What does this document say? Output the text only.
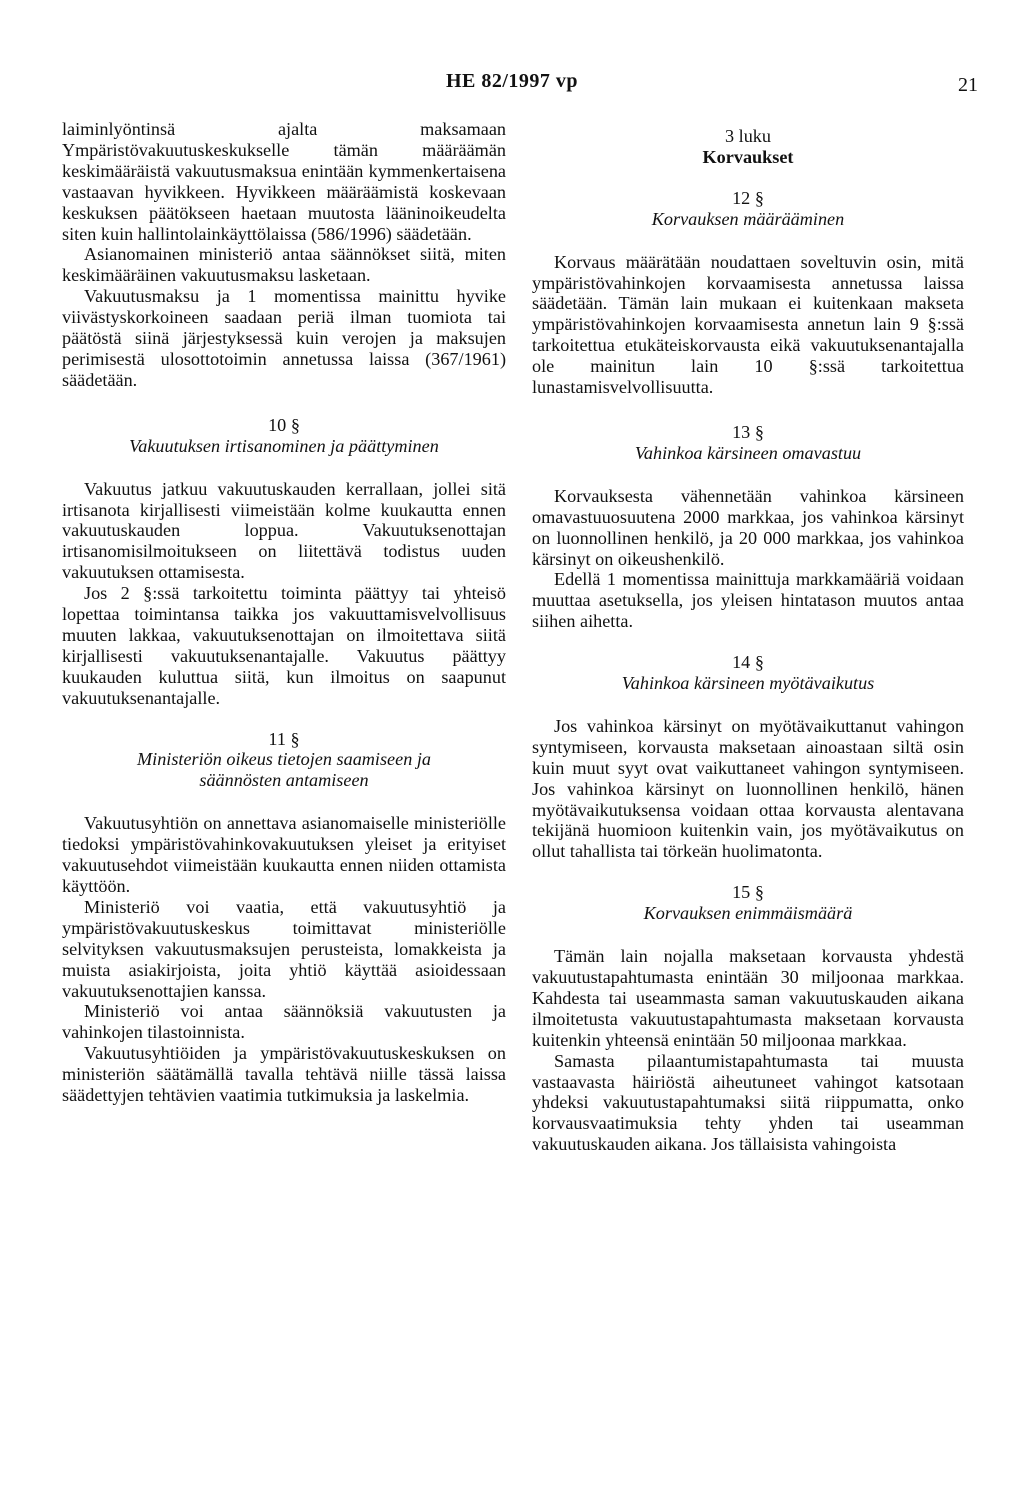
HE 82/1997 vp	21

laiminlyöntinsä ajalta maksamaan Ympäristövakuutuskeskukselle tämän määräämän keskimääräistä vakuutusmaksua enintään kymmenkertaisena vastaavan hyvikkeen. Hyvikkeen määräämistä koskevaan keskuksen päätökseen haetaan muutosta lääninoikeudelta siten kuin hallintolainkäyttölaissa (586/1996) säädetään.

Asianomainen ministeriö antaa säännökset siitä, miten keskimääräinen vakuutusmaksu lasketaan.

Vakuutusmaksu ja 1 momentissa mainittu hyvike viivästyskorkoineen saadaan periä ilman tuomiota tai päätöstä siinä järjestyksessä kuin verojen ja maksujen perimisestä ulosottotoimin annetussa laissa (367/1961) säädetään.

10 §
Vakuutuksen irtisanominen ja päättyminen

Vakuutus jatkuu vakuutuskauden kerrallaan, jollei sitä irtisanota kirjallisesti viimeistään kolme kuukautta ennen vakuutuskauden loppua. Vakuutuksenottajan irtisanomisilmoitukseen on liitettävä todistus uuden vakuutuksen ottamisesta.

Jos 2 §:ssä tarkoitettu toiminta päättyy tai yhteisö lopettaa toimintansa taikka jos vakuuttamisvelvollisuus muuten lakkaa, vakuutuksenottajan on ilmoitettava siitä kirjallisesti vakuutuksenantajalle. Vakuutus päättyy kuukauden kuluttua siitä, kun ilmoitus on saapunut vakuutuksenantajalle.

11 §
Ministeriön oikeus tietojen saamiseen ja
säännösten antamiseen

Vakuutusyhtiön on annettava asianomaiselle ministeriölle tiedoksi ympäristövahinkovakuutuksen yleiset ja erityiset vakuutusehdot viimeistään kuukautta ennen niiden ottamista käyttöön.

Ministeriö voi vaatia, että vakuutusyhtiö ja ympäristövakuutuskeskus toimittavat ministeriölle selvityksen vakuutusmaksujen perusteista, lomakkeista ja muista asiakirjoista, joita yhtiö käyttää asioidessaan vakuutuksenottajien kanssa.

Ministeriö voi antaa säännöksiä vakuutusten ja vahinkojen tilastoinnista.

Vakuutusyhtiöiden ja ympäristövakuutuskeskuksen on ministeriön säätämällä tavalla tehtävä niille tässä laissa säädettyjen tehtävien vaatimia tutkimuksia ja laskelmia.

3 luku
Korvaukset
12 §
Korvauksen määrääminen

Korvaus määrätään noudattaen soveltuvin osin, mitä ympäristövahinkojen korvaamisesta annetussa laissa säädetään. Tämän lain mukaan ei kuitenkaan makseta ympäristövahinkojen korvaamisesta annetun lain 9 §:ssä tarkoitettua etukäteiskorvausta eikä vakuutuksenantajalla ole mainitun lain 10 §:ssä tarkoitettua lunastamisvelvollisuutta.

13 §
Vahinkoa kärsineen omavastuu

Korvauksesta vähennetään vahinkoa kärsineen omavastuuosuutena 2000 markkaa, jos vahinkoa kärsinyt on luonnollinen henkilö, ja 20 000 markkaa, jos vahinkoa kärsinyt on oikeushenkilö.

Edellä 1 momentissa mainittuja markkamääriä voidaan muuttaa asetuksella, jos yleisen hintatason muutos antaa siihen aihetta.

14 §
Vahinkoa kärsineen myötävaikutus

Jos vahinkoa kärsinyt on myötävaikuttanut vahingon syntymiseen, korvausta maksetaan ainoastaan siltä osin kuin muut syyt ovat vaikuttaneet vahingon syntymiseen. Jos vahinkoa kärsinyt on luonnollinen henkilö, hänen myötävaikutuksensa voidaan ottaa korvausta alentavana tekijänä huomioon kuitenkin vain, jos myötävaikutus on ollut tahallista tai törkeän huolimatonta.

15 §
Korvauksen enimmäismäärä

Tämän lain nojalla maksetaan korvausta yhdestä vakuutustapahtumasta enintään 30 miljoonaa markkaa. Kahdesta tai useammasta saman vakuutuskauden aikana ilmoitetusta vakuutustapahtumasta maksetaan korvausta kuitenkin yhteensä enintään 50 miljoonaa markkaa.

Samasta pilaantumistapahtumasta tai muusta vastaavasta häiriöstä aiheutuneet vahingot katsotaan yhdeksi vakuutustapahtumaksi siitä riippumatta, onko korvausvaatimuksia tehty yhden tai useamman vakuutuskauden aikana. Jos tällaisista vahingoista
